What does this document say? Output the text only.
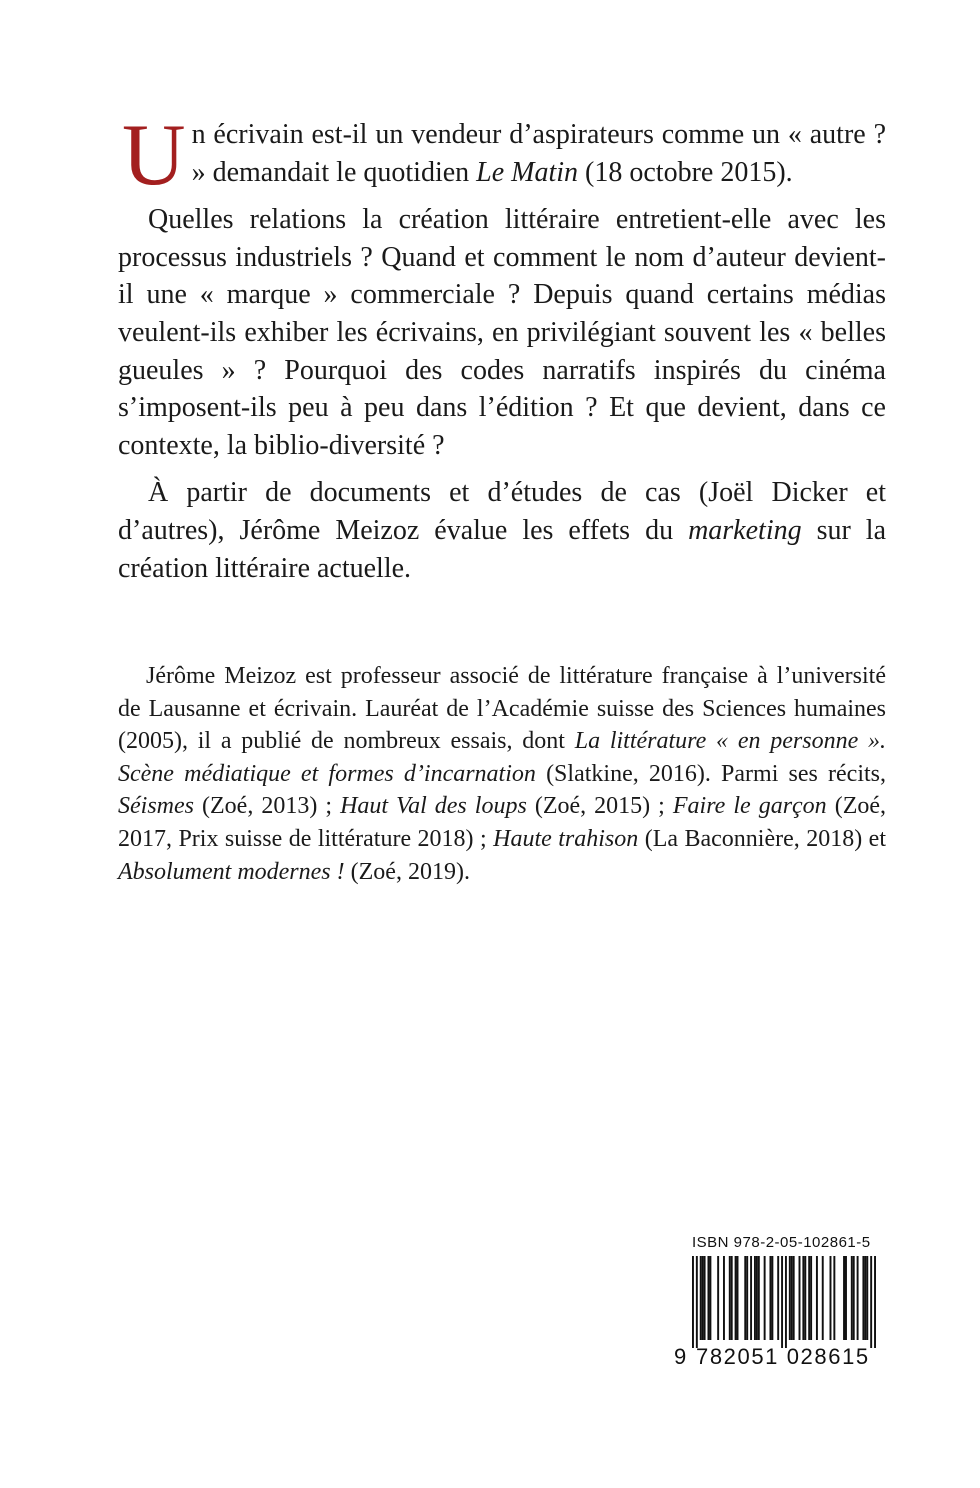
Un écrivain est-il un vendeur d’aspirateurs comme un « autre ? » demandait le quotidien Le Matin (18 octobre 2015).

Quelles relations la création littéraire entretient-elle avec les processus industriels ? Quand et comment le nom d’auteur devient-il une « marque » commerciale ? Depuis quand certains médias veulent-ils exhiber les écrivains, en privilégiant souvent les « belles gueules » ? Pourquoi des codes narratifs inspirés du cinéma s’imposent-ils peu à peu dans l’édition ? Et que devient, dans ce contexte, la biblio-diversité ?

À partir de documents et d’études de cas (Joël Dicker et d’autres), Jérôme Meizoz évalue les effets du marketing sur la création littéraire actuelle.

Jérôme Meizoz est professeur associé de littérature française à l’université de Lausanne et écrivain. Lauréat de l’Académie suisse des Sciences humaines (2005), il a publié de nombreux essais, dont La littérature « en personne ». Scène médiatique et formes d’incarnation (Slatkine, 2016). Parmi ses récits, Séismes (Zoé, 2013) ; Haut Val des loups (Zoé, 2015) ; Faire le garçon (Zoé, 2017, Prix suisse de littérature 2018) ; Haute trahison (La Baconnière, 2018) et Absolument modernes ! (Zoé, 2019).

ISBN 978-2-05-102861-5
9 782051 028615
